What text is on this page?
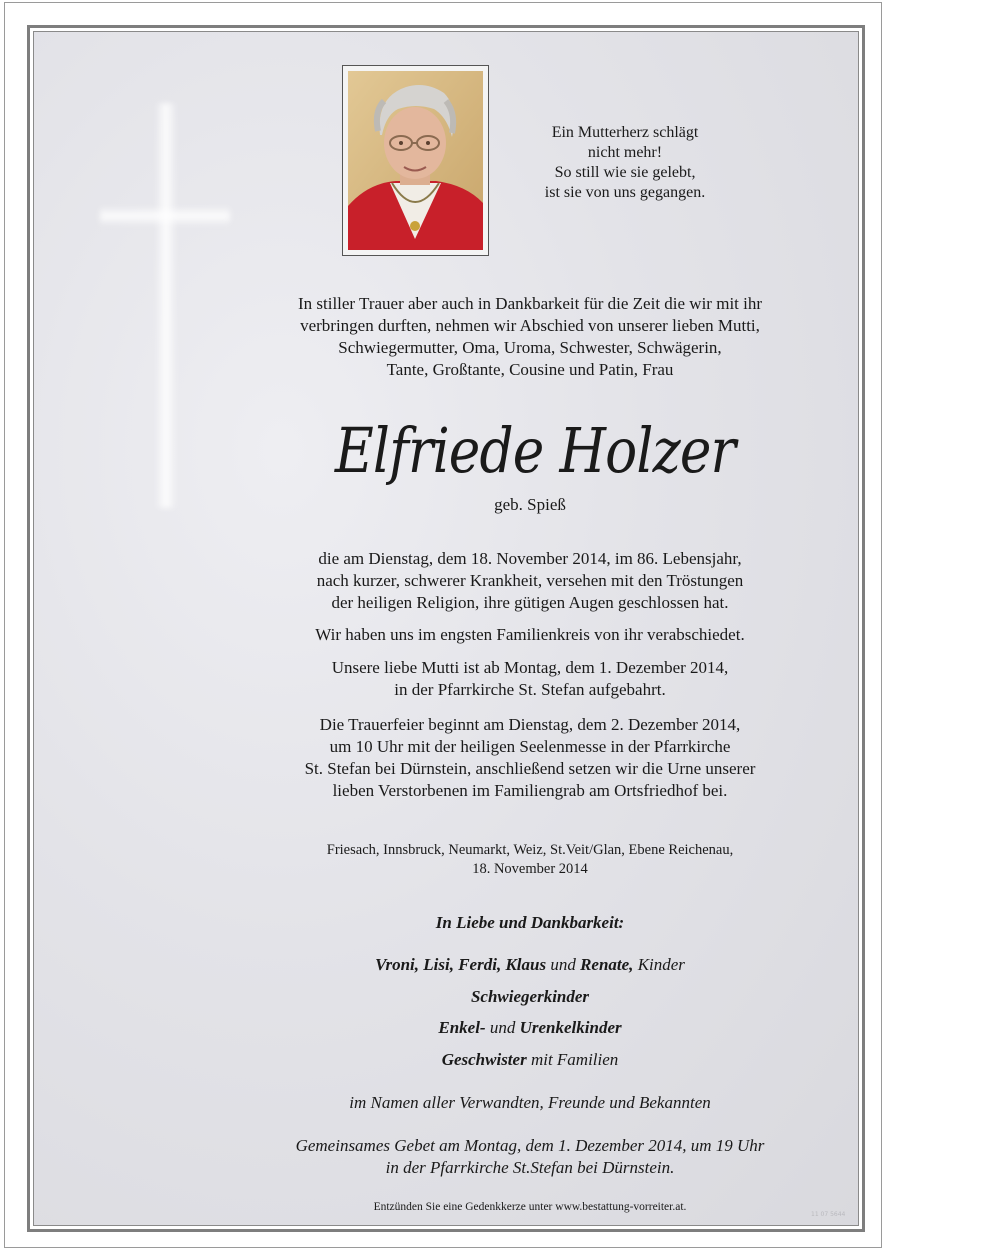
Ein Mutterherz schlägt
nicht mehr!
So still wie sie gelebt,
ist sie von uns gegangen.
In stiller Trauer aber auch in Dankbarkeit für die Zeit die wir mit ihr
verbringen durften, nehmen wir Abschied von unserer lieben Mutti,
Schwiegermutter, Oma, Uroma, Schwester, Schwägerin,
Tante, Großtante, Cousine und Patin, Frau
Elfriede Holzer
geb. Spieß
die am Dienstag, dem 18. November 2014, im 86. Lebensjahr,
nach kurzer, schwerer Krankheit, versehen mit den Tröstungen
der heiligen Religion, ihre gütigen Augen geschlossen hat.
Wir haben uns im engsten Familienkreis von ihr verabschiedet.
Unsere liebe Mutti ist ab Montag, dem 1. Dezember 2014,
in der Pfarrkirche St. Stefan aufgebahrt.
Die Trauerfeier beginnt am Dienstag, dem 2. Dezember 2014,
um 10 Uhr mit der heiligen Seelenmesse in der Pfarrkirche
St. Stefan bei Dürnstein, anschließend setzen wir die Urne unserer
lieben Verstorbenen im Familiengrab am Ortsfriedhof bei.
Friesach, Innsbruck, Neumarkt, Weiz, St.Veit/Glan, Ebene Reichenau,
18. November 2014
In Liebe und Dankbarkeit:
Vroni, Lisi, Ferdi, Klaus und Renate, Kinder
Schwiegerkinder
Enkel- und Urenkelkinder
Geschwister mit Familien
im Namen aller Verwandten, Freunde und Bekannten
Gemeinsames Gebet am Montag, dem 1. Dezember 2014, um 19 Uhr
in der Pfarrkirche St.Stefan bei Dürnstein.
Entzünden Sie eine Gedenkkerze unter www.bestattung-vorreiter.at.
11 07 5644
